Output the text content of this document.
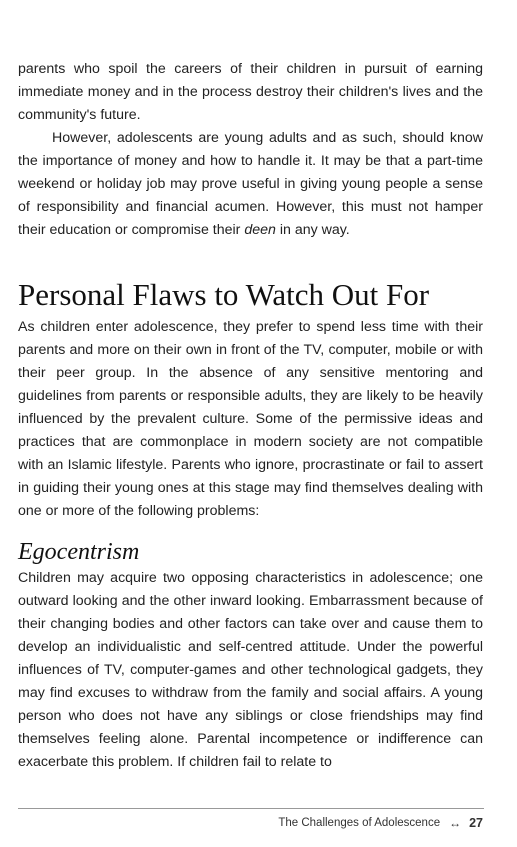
parents who spoil the careers of their children in pursuit of earning immediate money and in the process destroy their children's lives and the community's future.

However, adolescents are young adults and as such, should know the importance of money and how to handle it. It may be that a part-time weekend or holiday job may prove useful in giving young people a sense of responsibility and financial acumen. However, this must not hamper their education or compromise their deen in any way.

Personal Flaws to Watch Out For

As children enter adolescence, they prefer to spend less time with their parents and more on their own in front of the TV, computer, mobile or with their peer group. In the absence of any sensitive mentoring and guidelines from parents or responsible adults, they are likely to be heavily influenced by the prevalent culture. Some of the permissive ideas and practices that are commonplace in modern society are not compatible with an Islamic lifestyle. Parents who ignore, procrastinate or fail to assert in guiding their young ones at this stage may find themselves dealing with one or more of the following problems:

Egocentrism

Children may acquire two opposing characteristics in adolescence; one outward looking and the other inward looking. Embarrassment because of their changing bodies and other factors can take over and cause them to develop an individualistic and self-centred attitude. Under the powerful influences of TV, computer-games and other technological gadgets, they may find excuses to withdraw from the family and social affairs. A young person who does not have any siblings or close friendships may find themselves feeling alone. Parental incompetence or indifference can exacerbate this problem. If children fail to relate to

The Challenges of Adolescence ↔ 27
